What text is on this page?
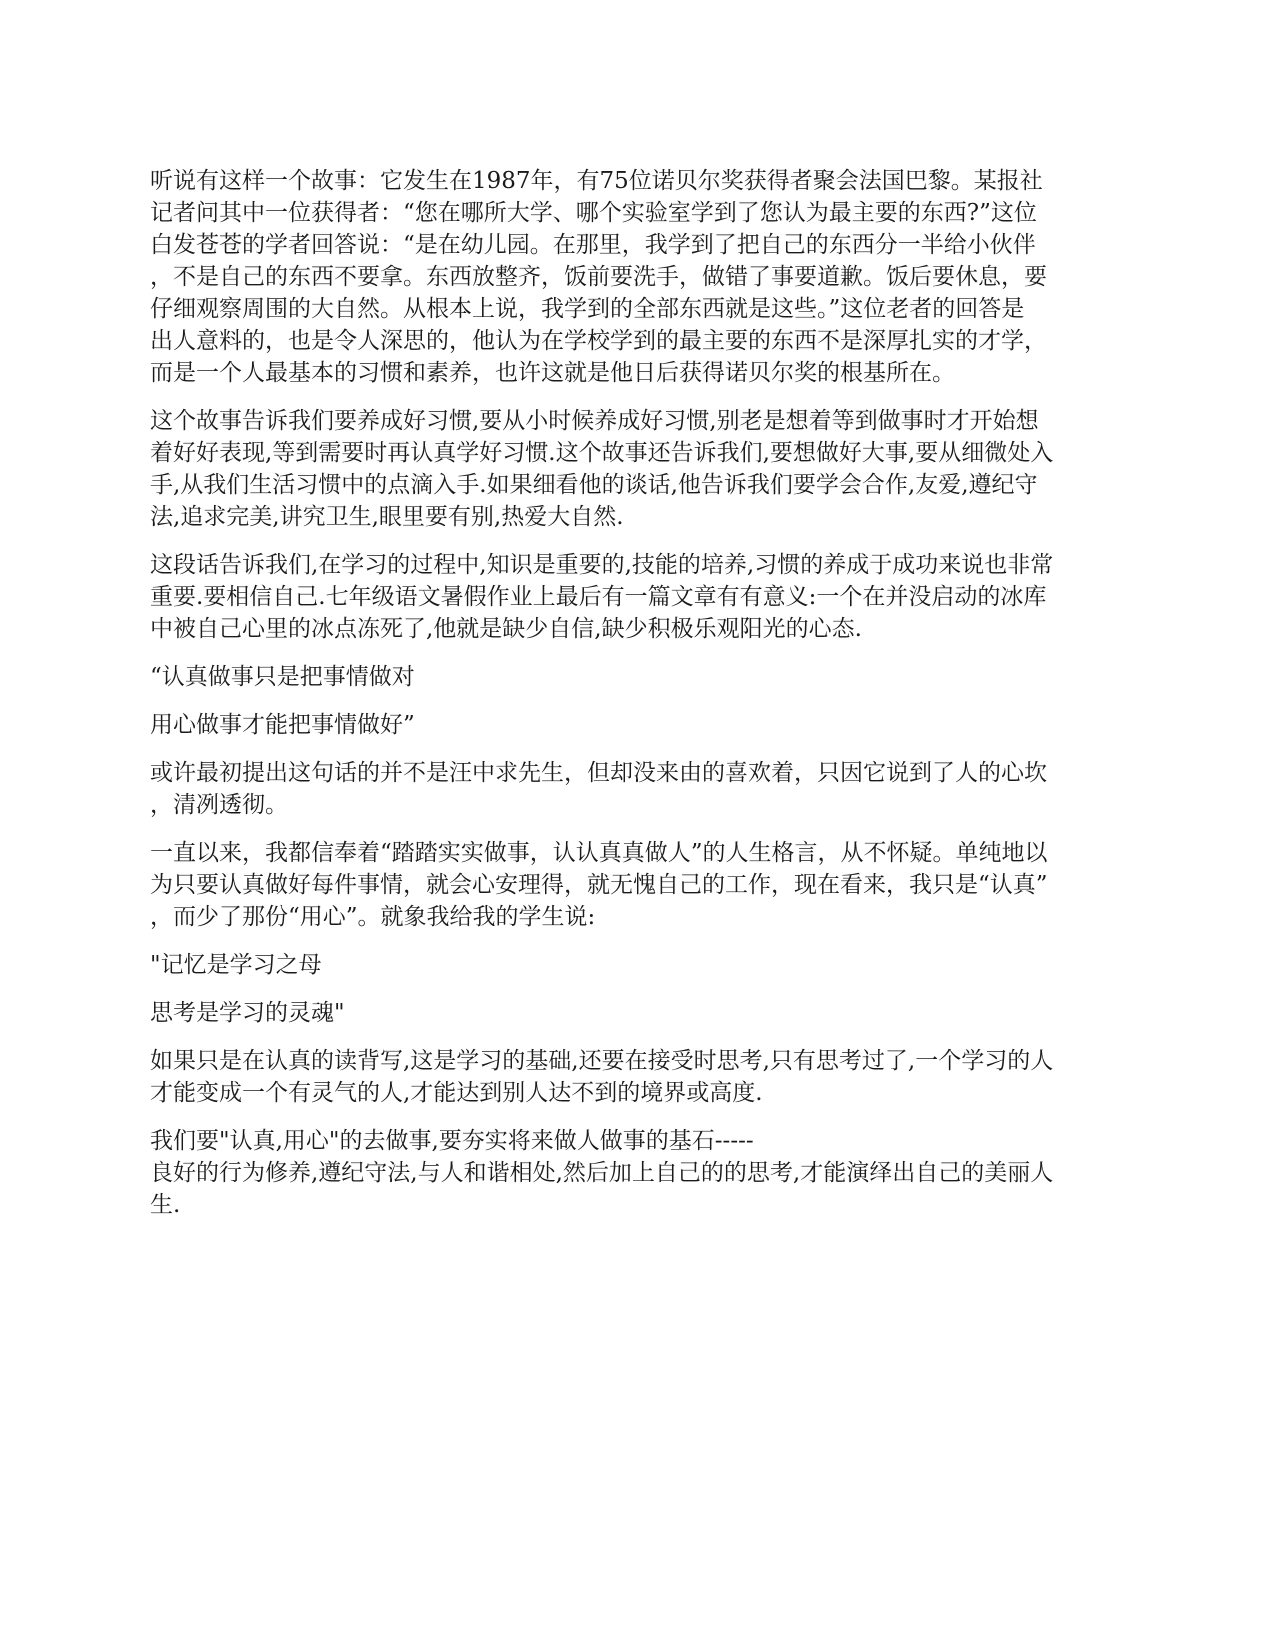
听说有这样一个故事：它发生在1987年，有75位诺贝尔奖获得者聚会法国巴黎。某报社
记者问其中一位获得者：“您在哪所大学、哪个实验室学到了您认为最主要的东西?”这位
白发苍苍的学者回答说：“是在幼儿园。在那里，我学到了把自己的东西分一半给小伙伴
，不是自己的东西不要拿。东西放整齐，饭前要洗手，做错了事要道歉。饭后要休息，要
仔细观察周围的大自然。从根本上说，我学到的全部东西就是这些。”这位老者的回答是
出人意料的，也是令人深思的，他认为在学校学到的最主要的东西不是深厚扎实的才学，
而是一个人最基本的习惯和素养，也许这就是他日后获得诺贝尔奖的根基所在。
这个故事告诉我们要养成好习惯,要从小时候养成好习惯,别老是想着等到做事时才开始想
着好好表现,等到需要时再认真学好习惯.这个故事还告诉我们,要想做好大事,要从细微处入
手,从我们生活习惯中的点滴入手.如果细看他的谈话,他告诉我们要学会合作,友爱,遵纪守
法,追求完美,讲究卫生,眼里要有别,热爱大自然.
这段话告诉我们,在学习的过程中,知识是重要的,技能的培养,习惯的养成于成功来说也非常
重要.要相信自己.七年级语文暑假作业上最后有一篇文章有有意义:一个在并没启动的冰库
中被自己心里的冰点冻死了,他就是缺少自信,缺少积极乐观阳光的心态.
“认真做事只是把事情做对
用心做事才能把事情做好”
或许最初提出这句话的并不是汪中求先生，但却没来由的喜欢着，只因它说到了人的心坎
，清冽透彻。
一直以来，我都信奉着“踏踏实实做事，认认真真做人”的人生格言，从不怀疑。单纯地以
为只要认真做好每件事情，就会心安理得，就无愧自己的工作，现在看来，我只是“认真”
，而少了那份“用心”。就象我给我的学生说:
"记忆是学习之母
思考是学习的灵魂"
如果只是在认真的读背写,这是学习的基础,还要在接受时思考,只有思考过了,一个学习的人
才能变成一个有灵气的人,才能达到别人达不到的境界或高度.
我们要"认真,用心"的去做事,要夯实将来做人做事的基石-----
良好的行为修养,遵纪守法,与人和谐相处,然后加上自己的的思考,才能演绎出自己的美丽人
生.
